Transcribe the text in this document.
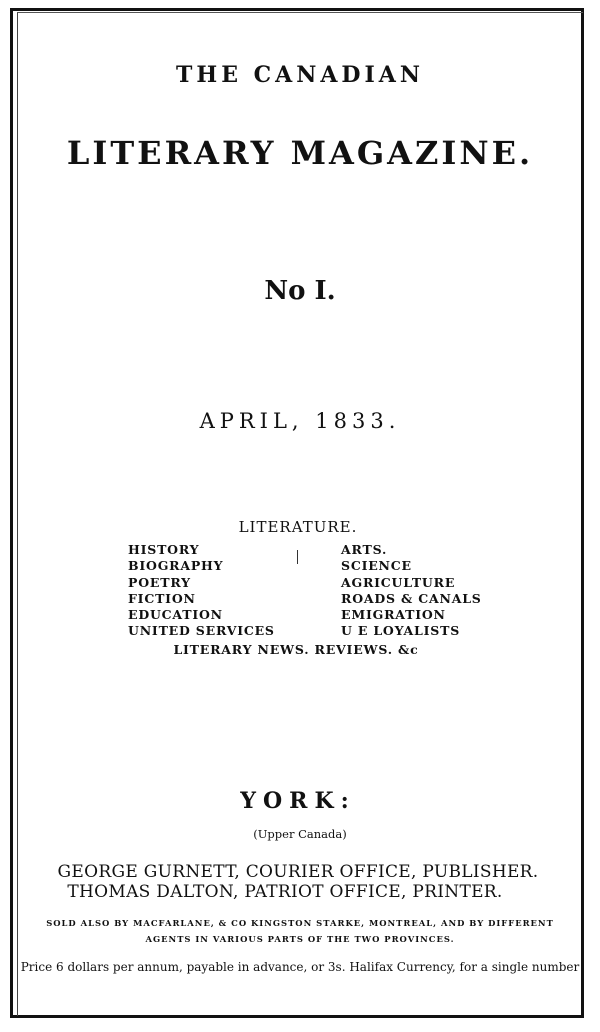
THE CANADIAN
LITERARY MAGAZINE.
No I.
APRIL, 1833.
LITERATURE.
HISTORY
BIOGRAPHY
POETRY
FICTION
EDUCATION
UNITED SERVICES
ARTS.
SCIENCE
AGRICULTURE
ROADS & CANALS
EMIGRATION
U E LOYALISTS
LITERARY NEWS. REVIEWS. &c
YORK:
(Upper Canada)
GEORGE GURNETT, COURIER OFFICE, PUBLISHER.
THOMAS DALTON, PATRIOT OFFICE, PRINTER.
SOLD ALSO BY MACFARLANE, & CO KINGSTON STARKE, MONTREAL, AND BY DIFFERENT
AGENTS IN VARIOUS PARTS OF THE TWO PROVINCES.
Price 6 dollars per annum, payable in advance, or 3s. Halifax Currency, for a single number
